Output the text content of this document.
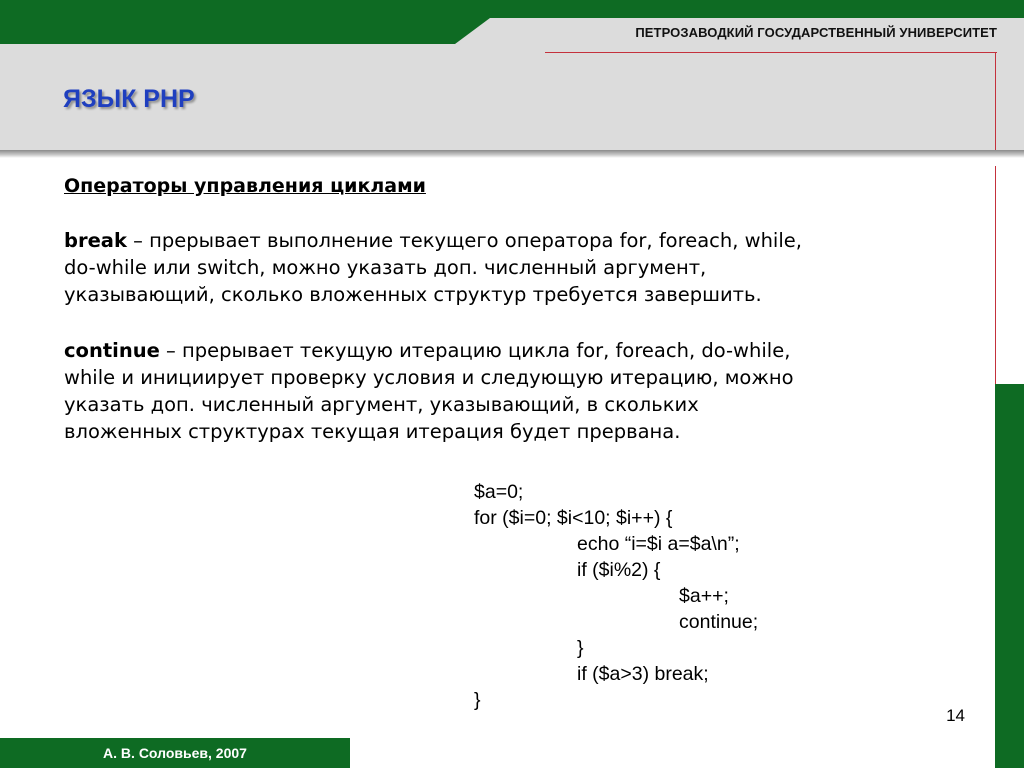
ПЕТРОЗАВОДКИЙ ГОСУДАРСТВЕННЫЙ УНИВЕРСИТЕТ
ЯЗЫК PHP
Операторы управления циклами
break – прерывает выполнение текущего оператора for, foreach, while,
do-while или switch, можно указать доп. численный аргумент,
указывающий, сколько вложенных структур требуется завершить.
continue – прерывает текущую итерацию цикла for, foreach, do-while,
while и инициирует проверку условия и следующую итерацию, можно
указать доп. численный аргумент, указывающий, в скольких
вложенных структурах текущая итерация будет прервана.
$a=0;
for ($i=0; $i<10; $i++) {
echo “i=$i a=$a\n”;
if ($i%2) {
$a++;
continue;
}
if ($a>3) break;
}
14
А. В. Соловьев, 2007
